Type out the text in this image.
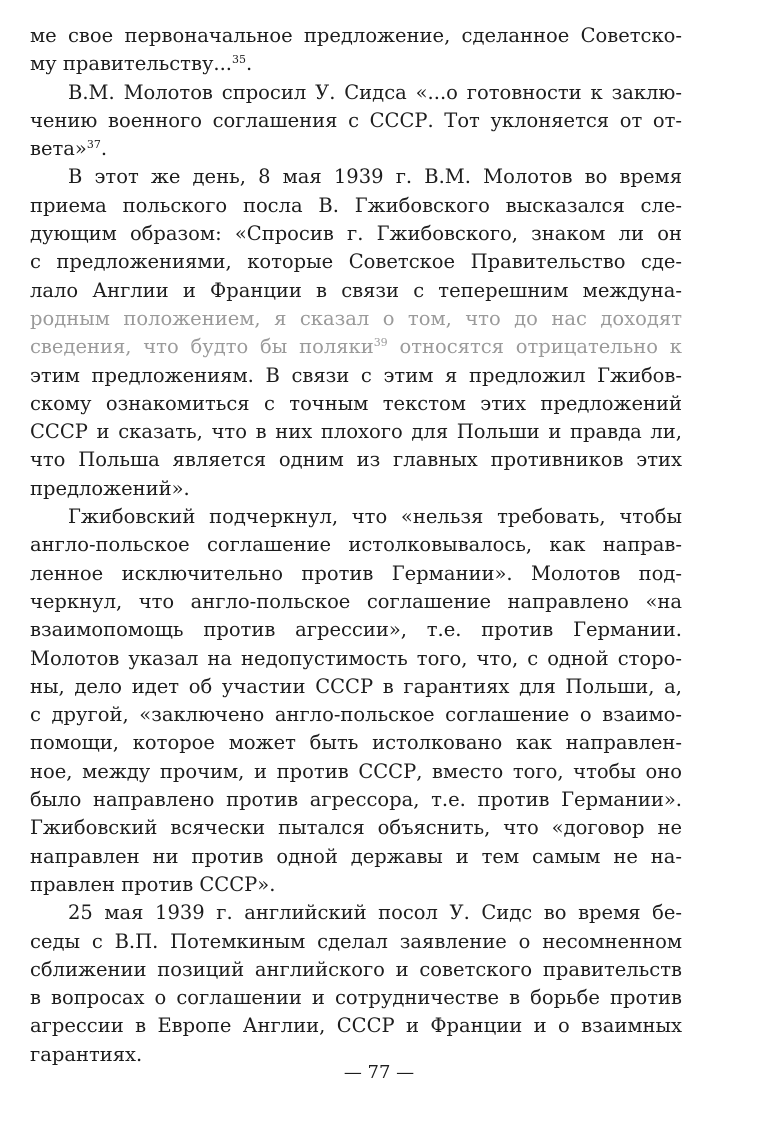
ме свое первоначальное предложение, сделанное Советско-
му правительству...$^{35}$.
В.М. Молотов спросил У. Сидса «...о готовности к заклю-
чению военного соглашения с СССР. Тот уклоняется от от-
вета»$^{37}$.
В этот же день, 8 мая 1939 г. В.М. Молотов во время
приема польского посла В. Гжибовского высказался сле-
дующим образом: «Спросив г. Гжибовского, знаком ли он
с предложениями, которые Советское Правительство сде-
лало Англии и Франции в связи с теперешним междуна-
родным положением, я сказал о том, что до нас доходят
сведения, что будто бы поляки$^{39}$ относятся отрицательно к
этим предложениям. В связи с этим я предложил Гжибов-
скому ознакомиться с точным текстом этих предложений
СССР и сказать, что в них плохого для Польши и правда ли,
что Польша является одним из главных противников этих
предложений».
Гжибовский подчеркнул, что «нельзя требовать, чтобы
англо-польское соглашение истолковывалось, как направ-
ленное исключительно против Германии». Молотов под-
черкнул, что англо-польское соглашение направлено «на
взаимопомощь против агрессии», т.е. против Германии.
Молотов указал на недопустимость того, что, с одной сторо-
ны, дело идет об участии СССР в гарантиях для Польши, а,
с другой, «заключено англо-польское соглашение о взаимо-
помощи, которое может быть истолковано как направлен-
ное, между прочим, и против СССР, вместо того, чтобы оно
было направлено против агрессора, т.е. против Германии».
Гжибовский всячески пытался объяснить, что «договор не
направлен ни против одной державы и тем самым не на-
правлен против СССР».
25 мая 1939 г. английский посол У. Сидс во время бе-
седы с В.П. Потемкиным сделал заявление о несомненном
сближении позиций английского и советского правительств
в вопросах о соглашении и сотрудничестве в борьбе против
агрессии в Европе Англии, СССР и Франции и о взаимных
гарантиях.
— 77 —
